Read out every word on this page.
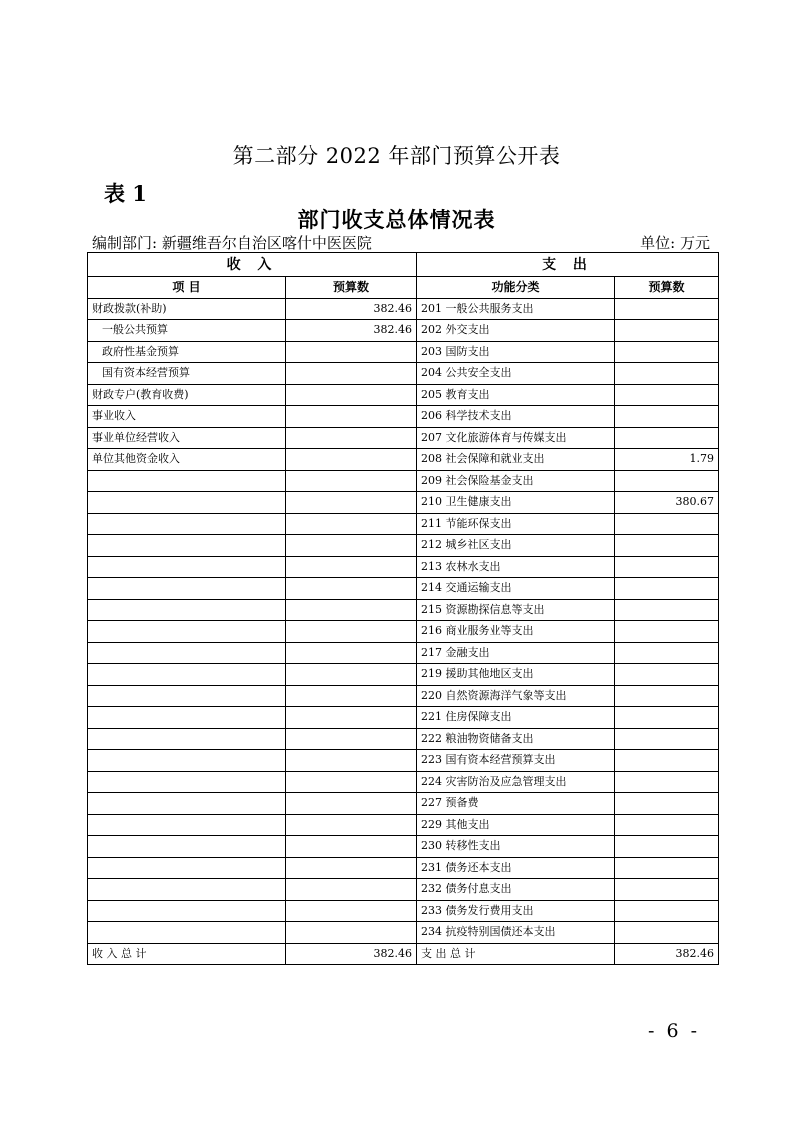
第二部分 2022 年部门预算公开表
表 1
部门收支总体情况表
编制部门: 新疆维吾尔自治区喀什中医医院	单位: 万元
收 入		支 出	
项 目	预算数	功能分类	预算数
财政拨款(补助)	382.46	201 一般公共服务支出	
一般公共预算	382.46	202 外交支出	
政府性基金预算		203 国防支出	
国有资本经营预算		204 公共安全支出	
财政专户(教育收费)		205 教育支出	
事业收入		206 科学技术支出	
事业单位经营收入		207 文化旅游体育与传媒支出	
单位其他资金收入		208 社会保障和就业支出	1.79
		209 社会保险基金支出	
		210 卫生健康支出	380.67
		211 节能环保支出	
		212 城乡社区支出	
		213 农林水支出	
		214 交通运输支出	
		215 资源勘探信息等支出	
		216 商业服务业等支出	
		217 金融支出	
		219 援助其他地区支出	
		220 自然资源海洋气象等支出	
		221 住房保障支出	
		222 粮油物资储备支出	
		223 国有资本经营预算支出	
		224 灾害防治及应急管理支出	
		227 预备费	
		229 其他支出	
		230 转移性支出	
		231 债务还本支出	
		232 债务付息支出	
		233 债务发行费用支出	
		234 抗疫特别国债还本支出	
收 入 总 计	382.46	支 出 总 计	382.46
- 6 -
